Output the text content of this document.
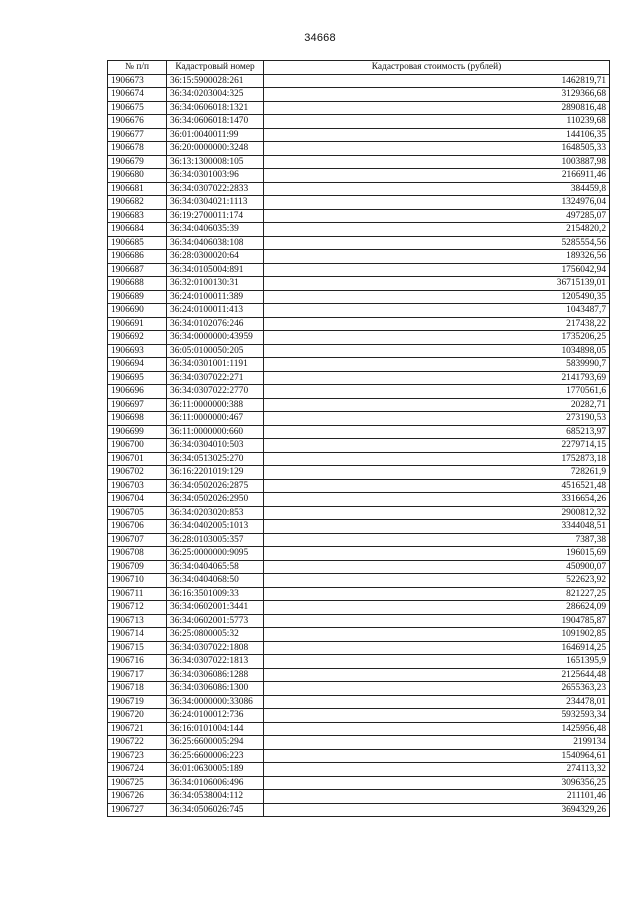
34668
№ п/п	Кадастровый номер	Кадастровая стоимость (рублей)
1906673	36:15:5900028:261	1462819,71
1906674	36:34:0203004:325	3129366,68
1906675	36:34:0606018:1321	2890816,48
1906676	36:34:0606018:1470	110239,68
1906677	36:01:0040011:99	144106,35
1906678	36:20:0000000:3248	1648505,33
1906679	36:13:1300008:105	1003887,98
1906680	36:34:0301003:96	2166911,46
1906681	36:34:0307022:2833	384459,8
1906682	36:34:0304021:1113	1324976,04
1906683	36:19:2700011:174	497285,07
1906684	36:34:0406035:39	2154820,2
1906685	36:34:0406038:108	5285554,56
1906686	36:28:0300020:64	189326,56
1906687	36:34:0105004:891	1756042,94
1906688	36:32:0100130:31	36715139,01
1906689	36:24:0100011:389	1205490,35
1906690	36:24:0100011:413	1043487,7
1906691	36:34:0102076:246	217438,22
1906692	36:34:0000000:43959	1735206,25
1906693	36:05:0100050:205	1034898,05
1906694	36:34:0301001:1191	5839990,7
1906695	36:34:0307022:271	2141793,69
1906696	36:34:0307022:2770	1770561,6
1906697	36:11:0000000:388	20282,71
1906698	36:11:0000000:467	273190,53
1906699	36:11:0000000:660	685213,97
1906700	36:34:0304010:503	2279714,15
1906701	36:34:0513025:270	1752873,18
1906702	36:16:2201019:129	728261,9
1906703	36:34:0502026:2875	4516521,48
1906704	36:34:0502026:2950	3316654,26
1906705	36:34:0203020:853	2900812,32
1906706	36:34:0402005:1013	3344048,51
1906707	36:28:0103005:357	7387,38
1906708	36:25:0000000:9095	196015,69
1906709	36:34:0404065:58	450900,07
1906710	36:34:0404068:50	522623,92
1906711	36:16:3501009:33	821227,25
1906712	36:34:0602001:3441	286624,09
1906713	36:34:0602001:5773	1904785,87
1906714	36:25:0800005:32	1091902,85
1906715	36:34:0307022:1808	1646914,25
1906716	36:34:0307022:1813	1651395,9
1906717	36:34:0306086:1288	2125644,48
1906718	36:34:0306086:1300	2655363,23
1906719	36:34:0000000:33086	234478,01
1906720	36:24:0100012:736	5932593,34
1906721	36:16:0101004:144	1425956,48
1906722	36:25:6600005:294	2199134
1906723	36:25:6600006:223	1540964,61
1906724	36:01:0630005:189	274113,32
1906725	36:34:0106006:496	3096356,25
1906726	36:34:0538004:112	211101,46
1906727	36:34:0506026:745	3694329,26
